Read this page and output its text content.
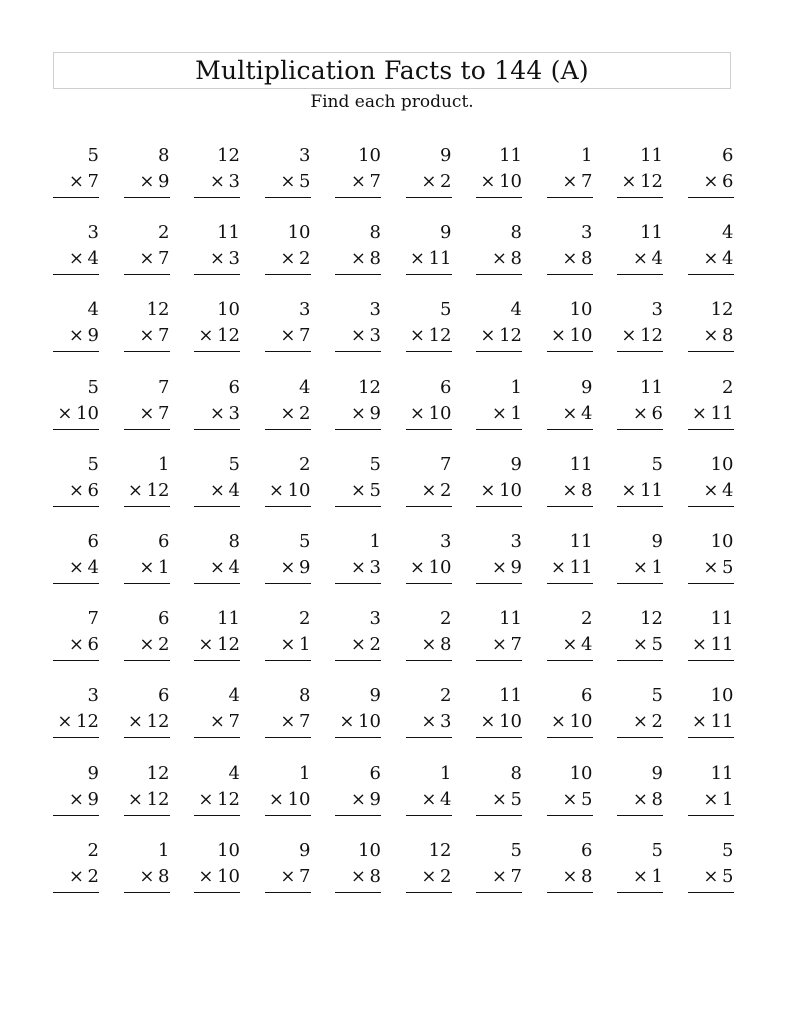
Multiplication Facts to 144 (A)
Find each product.
5
× 7
8
× 9
12
× 3
3
× 5
10
× 7
9
× 2
11
× 10
1
× 7
11
× 12
6
× 6
3
× 4
2
× 7
11
× 3
10
× 2
8
× 8
9
× 11
8
× 8
3
× 8
11
× 4
4
× 4
4
× 9
12
× 7
10
× 12
3
× 7
3
× 3
5
× 12
4
× 12
10
× 10
3
× 12
12
× 8
5
× 10
7
× 7
6
× 3
4
× 2
12
× 9
6
× 10
1
× 1
9
× 4
11
× 6
2
× 11
5
× 6
1
× 12
5
× 4
2
× 10
5
× 5
7
× 2
9
× 10
11
× 8
5
× 11
10
× 4
6
× 4
6
× 1
8
× 4
5
× 9
1
× 3
3
× 10
3
× 9
11
× 11
9
× 1
10
× 5
7
× 6
6
× 2
11
× 12
2
× 1
3
× 2
2
× 8
11
× 7
2
× 4
12
× 5
11
× 11
3
× 12
6
× 12
4
× 7
8
× 7
9
× 10
2
× 3
11
× 10
6
× 10
5
× 2
10
× 11
9
× 9
12
× 12
4
× 12
1
× 10
6
× 9
1
× 4
8
× 5
10
× 5
9
× 8
11
× 1
2
× 2
1
× 8
10
× 10
9
× 7
10
× 8
12
× 2
5
× 7
6
× 8
5
× 1
5
× 5
